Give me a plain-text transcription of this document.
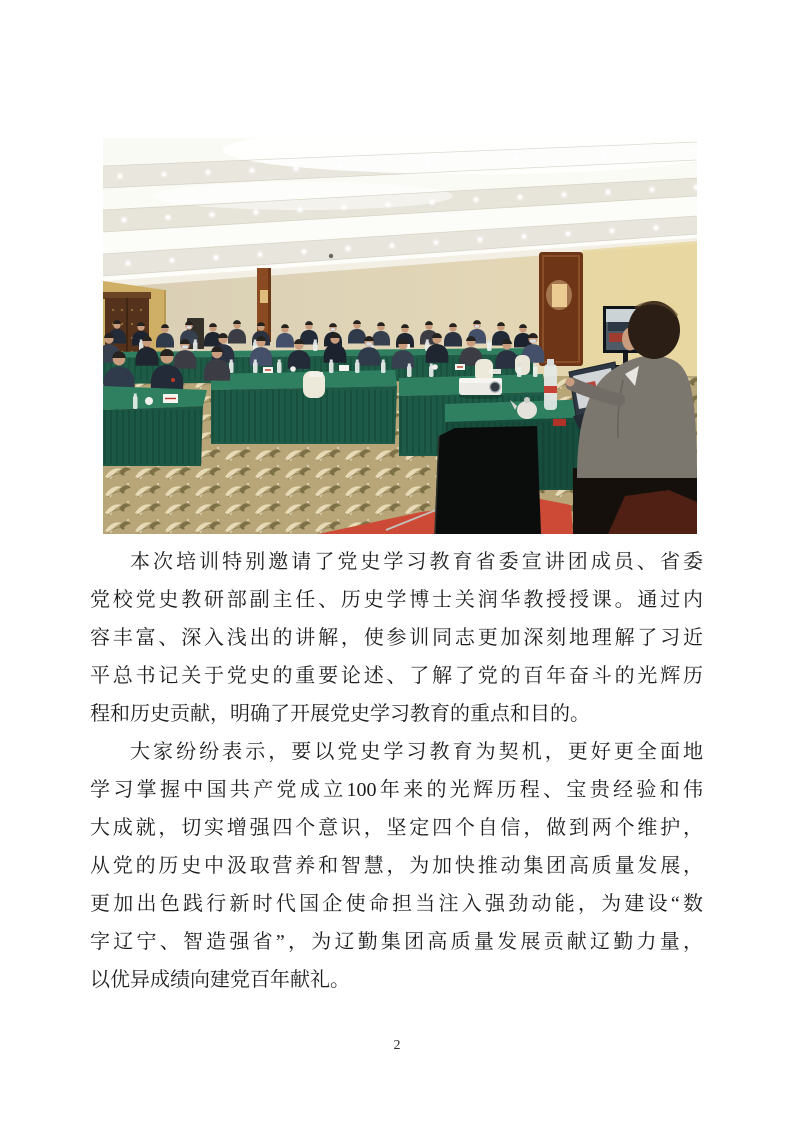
本次培训特别邀请了党史学习教育省委宣讲团成员、省委
党校党史教研部副主任、历史学博士关润华教授授课。通过内
容丰富、深入浅出的讲解，使参训同志更加深刻地理解了习近
平总书记关于党史的重要论述、了解了党的百年奋斗的光辉历
程和历史贡献，明确了开展党史学习教育的重点和目的。
大家纷纷表示，要以党史学习教育为契机，更好更全面地
学习掌握中国共产党成立100年来的光辉历程、宝贵经验和伟
大成就，切实增强四个意识，坚定四个自信，做到两个维护，
从党的历史中汲取营养和智慧，为加快推动集团高质量发展，
更加出色践行新时代国企使命担当注入强劲动能，为建设“数
字辽宁、智造强省”，为辽勤集团高质量发展贡献辽勤力量，
以优异成绩向建党百年献礼。
2
